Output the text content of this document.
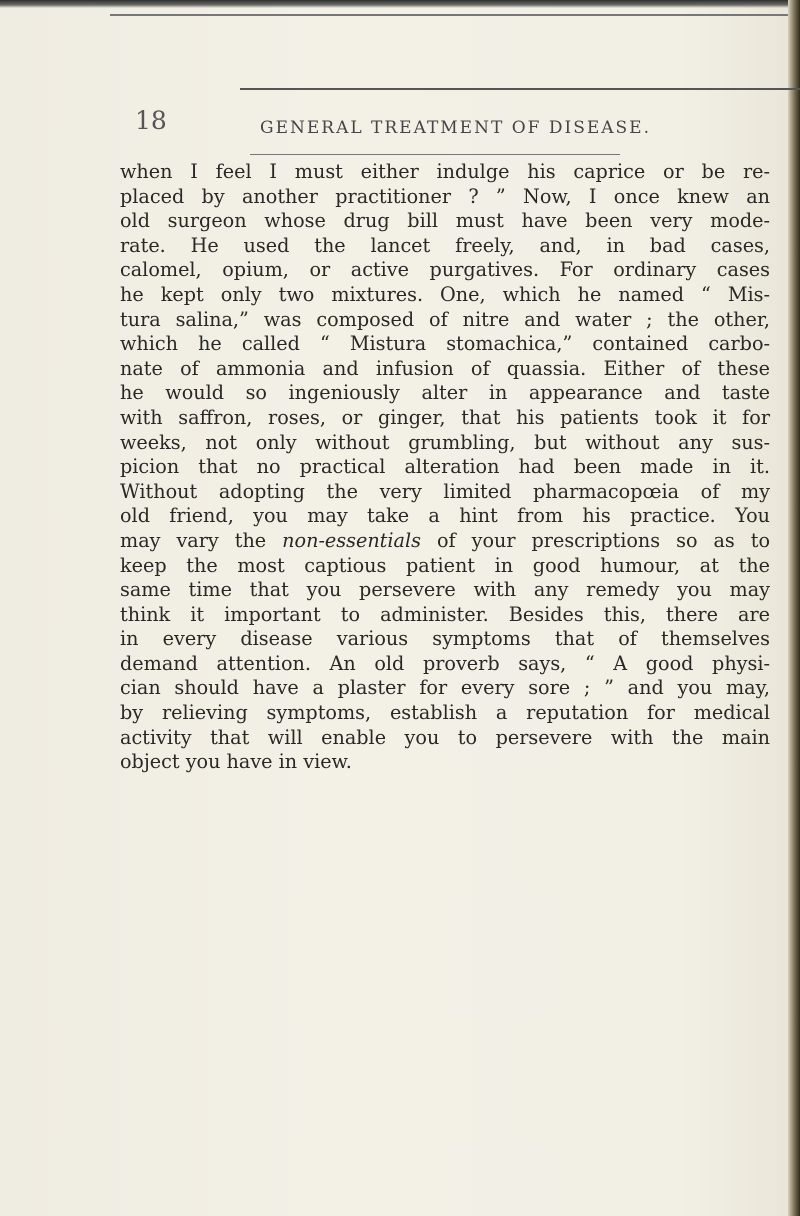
18	GENERAL TREATMENT OF DISEASE.
when I feel I must either indulge his caprice or be re-
placed by another practitioner ? ” Now, I once knew an
old surgeon whose drug bill must have been very mode-
rate. He used the lancet freely, and, in bad cases,
calomel, opium, or active purgatives. For ordinary cases
he kept only two mixtures. One, which he named “ Mis-
tura salina,” was composed of nitre and water ; the other,
which he called “ Mistura stomachica,” contained carbo-
nate of ammonia and infusion of quassia. Either of these
he would so ingeniously alter in appearance and taste
with saffron, roses, or ginger, that his patients took it for
weeks, not only without grumbling, but without any sus-
picion that no practical alteration had been made in it.
Without adopting the very limited pharmacopœia of my
old friend, you may take a hint from his practice. You
may vary the non-essentials of your prescriptions so as to
keep the most captious patient in good humour, at the
same time that you persevere with any remedy you may
think it important to administer. Besides this, there are
in every disease various symptoms that of themselves
demand attention. An old proverb says, “ A good physi-
cian should have a plaster for every sore ; ” and you may,
by relieving symptoms, establish a reputation for medical
activity that will enable you to persevere with the main
object you have in view.
